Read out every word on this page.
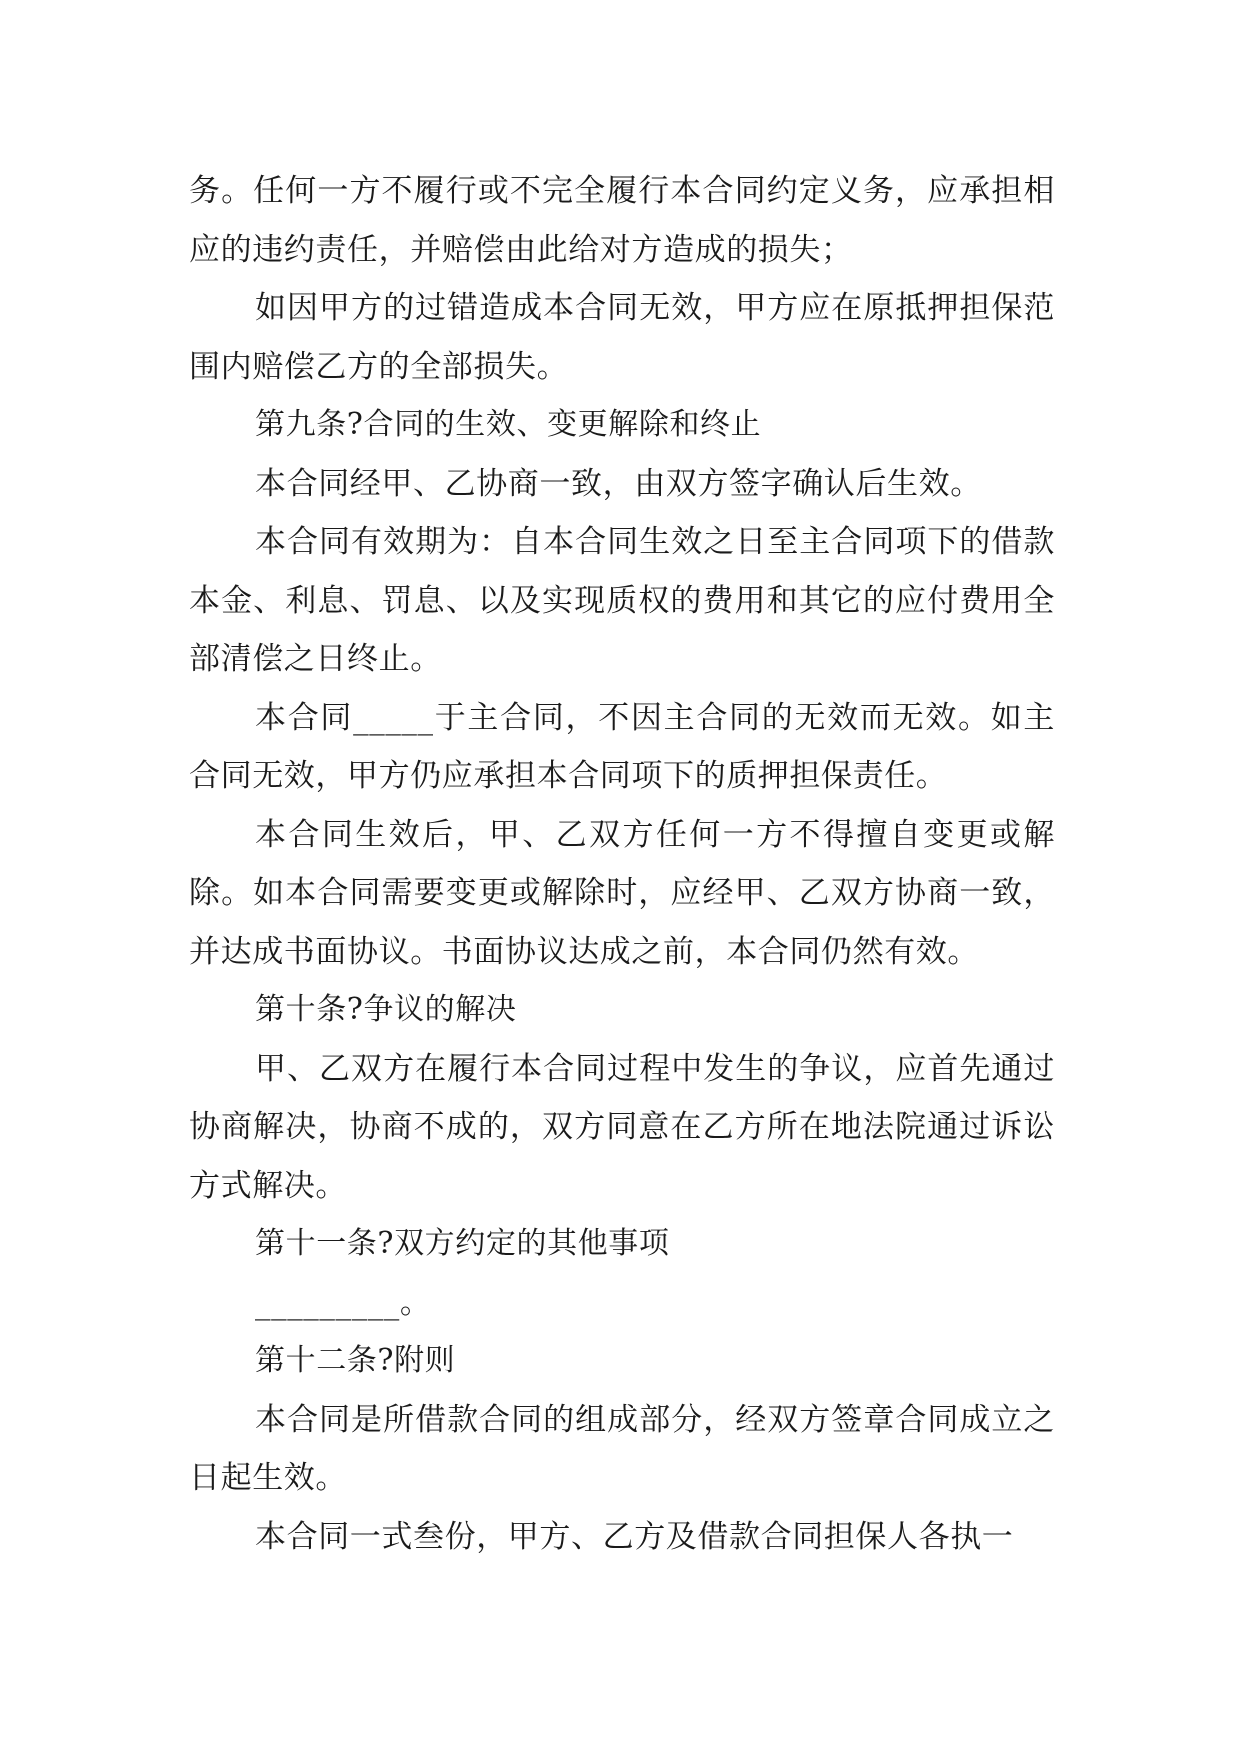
务。任何一方不履行或不完全履行本合同约定义务，应承担相应的违约责任，并赔偿由此给对方造成的损失；

如因甲方的过错造成本合同无效，甲方应在原抵押担保范围内赔偿乙方的全部损失。

第九条?合同的生效、变更解除和终止

本合同经甲、乙协商一致，由双方签字确认后生效。

本合同有效期为：自本合同生效之日至主合同项下的借款本金、利息、罚息、以及实现质权的费用和其它的应付费用全部清偿之日终止。

本合同_____于主合同，不因主合同的无效而无效。如主合同无效，甲方仍应承担本合同项下的质押担保责任。

本合同生效后，甲、乙双方任何一方不得擅自变更或解除。如本合同需要变更或解除时，应经甲、乙双方协商一致，并达成书面协议。书面协议达成之前，本合同仍然有效。

第十条?争议的解决

甲、乙双方在履行本合同过程中发生的争议，应首先通过协商解决，协商不成的，双方同意在乙方所在地法院通过诉讼方式解决。

第十一条?双方约定的其他事项

_________。

第十二条?附则

本合同是所借款合同的组成部分，经双方签章合同成立之日起生效。

本合同一式叁份，甲方、乙方及借款合同担保人各执一
